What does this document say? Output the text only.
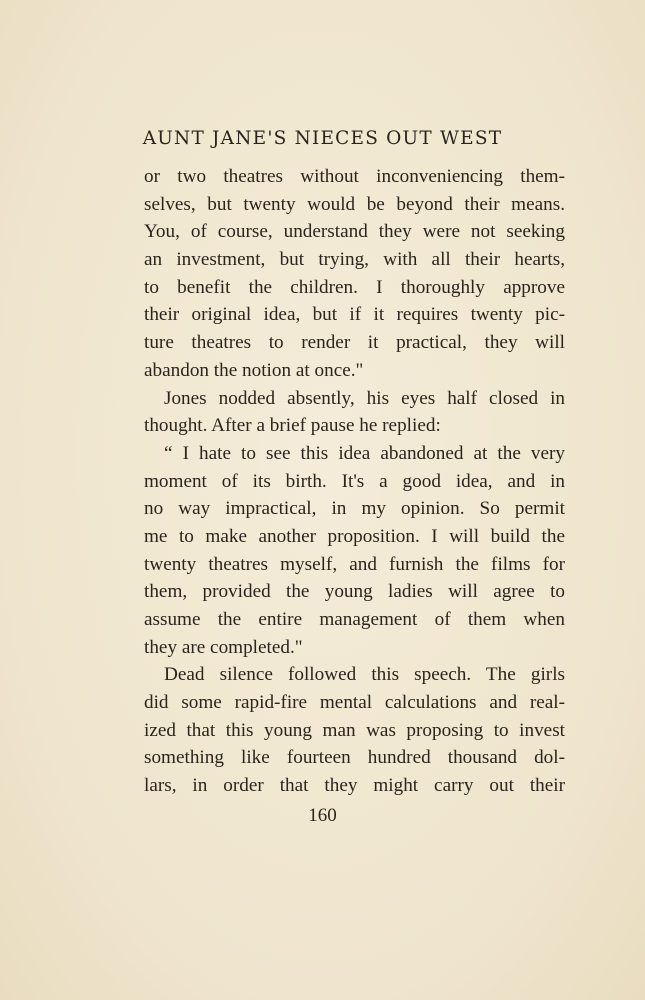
AUNT JANE'S NIECES OUT WEST
or two theatres without inconveniencing them-
selves, but twenty would be beyond their means.
You, of course, understand they were not seeking
an investment, but trying, with all their hearts,
to benefit the children. I thoroughly approve
their original idea, but if it requires twenty pic-
ture theatres to render it practical, they will
abandon the notion at once."
Jones nodded absently, his eyes half closed in
thought. After a brief pause he replied:
“ I hate to see this idea abandoned at the very
moment of its birth. It's a good idea, and in
no way impractical, in my opinion. So permit
me to make another proposition. I will build the
twenty theatres myself, and furnish the films for
them, provided the young ladies will agree to
assume the entire management of them when
they are completed."
Dead silence followed this speech. The girls
did some rapid-fire mental calculations and real-
ized that this young man was proposing to invest
something like fourteen hundred thousand dol-
lars, in order that they might carry out their
160
